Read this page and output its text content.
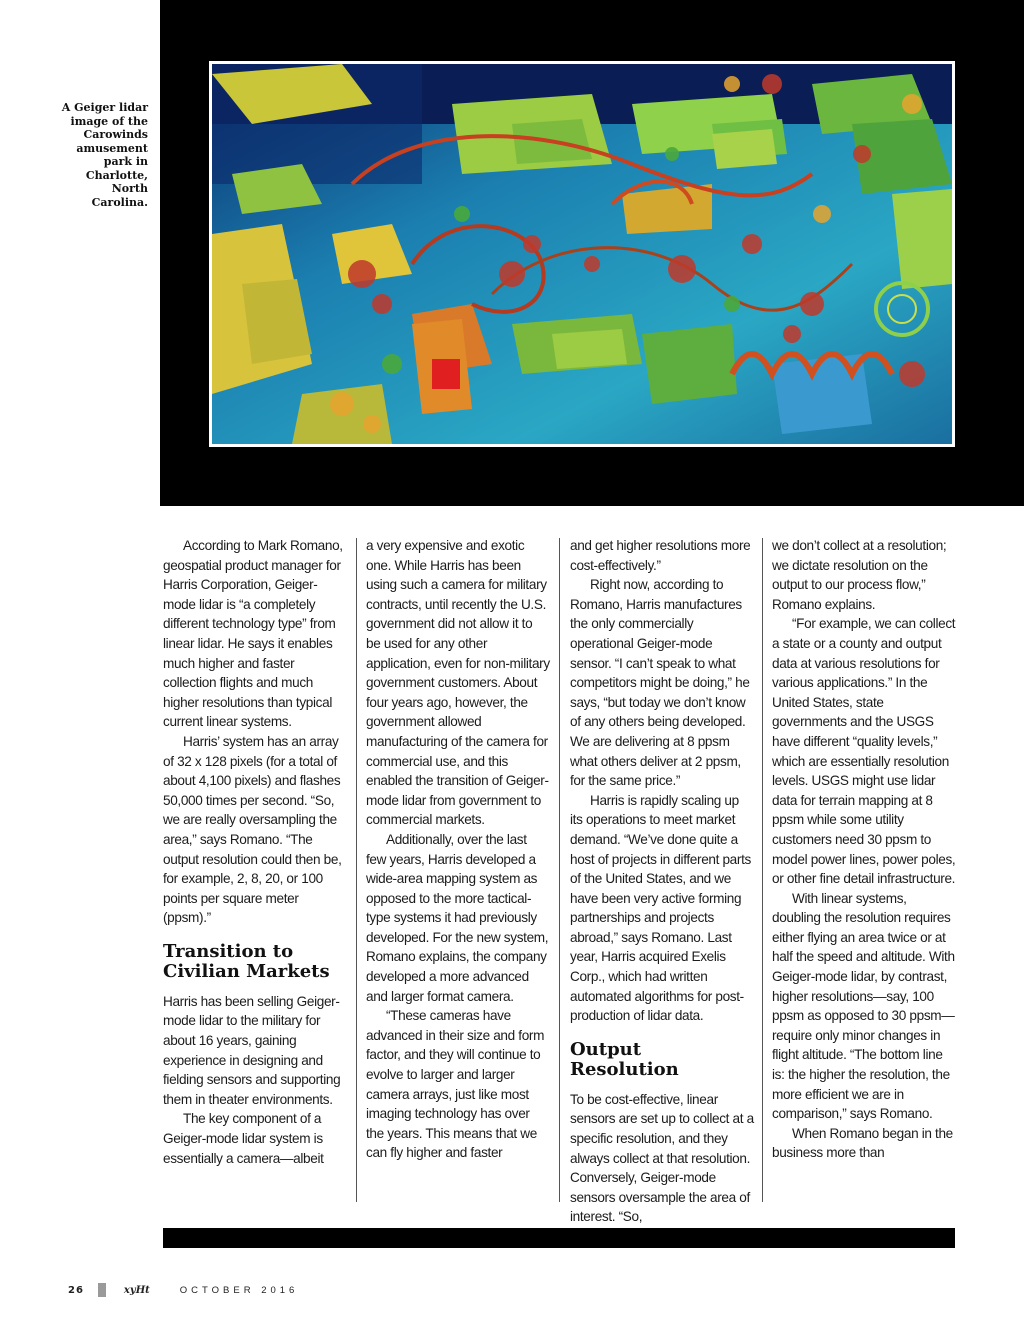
A Geiger lidar image of the Carowinds amusement park in Charlotte, North Carolina.

According to Mark Romano, geospatial product manager for Harris Corporation, Geiger-mode lidar is “a completely different technology type” from linear lidar. He says it enables much higher and faster collection flights and much higher resolutions than typical current linear systems.

Harris’ system has an array of 32 x 128 pixels (for a total of about 4,100 pixels) and flashes 50,000 times per second. “So, we are really oversampling the area,” says Romano. “The output resolution could then be, for example, 2, 8, 20, or 100 points per square meter (ppsm).”

Transition to Civilian Markets

Harris has been selling Geiger-mode lidar to the military for about 16 years, gaining experience in designing and fielding sensors and supporting them in theater environments.

The key component of a Geiger-mode lidar system is essentially a camera—albeit

a very expensive and exotic one. While Harris has been using such a camera for military contracts, until recently the U.S. government did not allow it to be used for any other application, even for non-military government customers. About four years ago, however, the government allowed manufacturing of the camera for commercial use, and this enabled the transition of Geiger-mode lidar from government to commercial markets.

Additionally, over the last few years, Harris developed a wide-area mapping system as opposed to the more tactical-type systems it had previously developed. For the new system, Romano explains, the company developed a more advanced and larger format camera.

“These cameras have advanced in their size and form factor, and they will continue to evolve to larger and larger camera arrays, just like most imaging technology has over the years. This means that we can fly higher and faster

and get higher resolutions more cost-effectively.”

Right now, according to Romano, Harris manufactures the only commercially operational Geiger-mode sensor. “I can’t speak to what competitors might be doing,” he says, “but today we don’t know of any others being developed. We are delivering at 8 ppsm what others deliver at 2 ppsm, for the same price.”

Harris is rapidly scaling up its operations to meet market demand. “We’ve done quite a host of projects in different parts of the United States, and we have been very active forming partnerships and projects abroad,” says Romano. Last year, Harris acquired Exelis Corp., which had written automated algorithms for post-production of lidar data.

Output Resolution

To be cost-effective, linear sensors are set up to collect at a specific resolution, and they always collect at that resolution. Conversely, Geiger-mode sensors oversample the area of interest. “So,

we don’t collect at a resolution; we dictate resolution on the output to our process flow,” Romano explains.

“For example, we can collect a state or a county and output data at various resolutions for various applications.” In the United States, state governments and the USGS have different “quality levels,” which are essentially resolution levels. USGS might use lidar data for terrain mapping at 8 ppsm while some utility customers need 30 ppsm to model power lines, power poles, or other fine detail infrastructure.

With linear systems, doubling the resolution requires either flying an area twice or at half the speed and altitude. With Geiger-mode lidar, by contrast, higher resolutions—say, 100 ppsm as opposed to 30 ppsm—require only minor changes in flight altitude. “The bottom line is: the higher the resolution, the more efficient we are in comparison,” says Romano.

When Romano began in the business more than

26	xyHt	OCTOBER 2016
